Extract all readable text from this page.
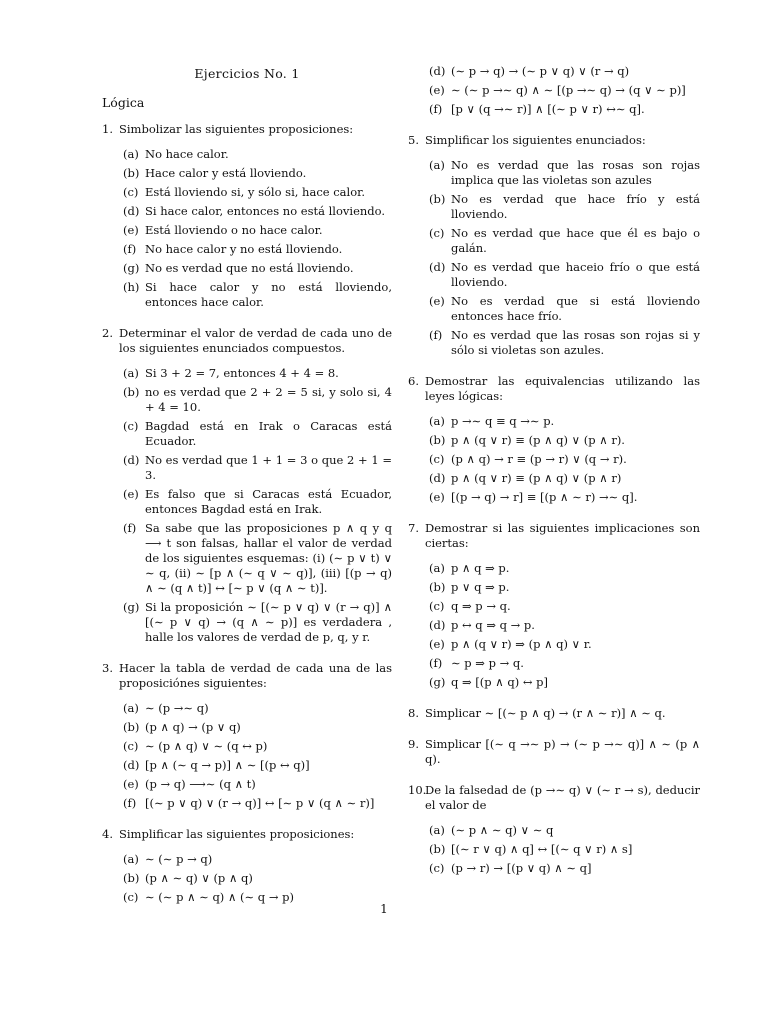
Ejercicios No. 1
Lógica
1. Simbolizar las siguientes proposiciones:
(a) No hace calor.
(b) Hace calor y está lloviendo.
(c) Está lloviendo si, y sólo si, hace calor.
(d) Si hace calor, entonces no está lloviendo.
(e) Está lloviendo o no hace calor.
(f) No hace calor y no está lloviendo.
(g) No es verdad que no está lloviendo.
(h) Si hace calor y no está lloviendo, entonces hace calor.
2. Determinar el valor de verdad de cada uno de los siguientes enunciados compuestos.
(a) Si 3 + 2 = 7, entonces 4 + 4 = 8.
(b) no es verdad que 2 + 2 = 5 si, y solo si, 4 + 4 = 10.
(c) Bagdad está en Irak o Caracas está Ecuador.
(d) No es verdad que 1 + 1 = 3 o que 2 + 1 = 3.
(e) Es falso que si Caracas está Ecuador, entonces Bagdad está en Irak.
(f) Sa sabe que las proposiciones p ∧ q y q ⟶ t son falsas, hallar el valor de verdad de los siguientes esquemas: (i) (∼ p ∨ t) ∨ ∼ q, (ii) ∼ [p ∧ (∼ q ∨ ∼ q)], (iii) [(p → q) ∧ ∼ (q ∧ t)] ↔ [∼ p ∨ (q ∧ ∼ t)].
(g) Si la proposición ∼ [(∼ p ∨ q) ∨ (r → q)] ∧ [(∼ p ∨ q) → (q ∧ ∼ p)] es verdadera , halle los valores de verdad de p, q, y r.
3. Hacer la tabla de verdad de cada una de las proposiciónes siguientes:
(a) ∼ (p →∼ q)
(b) (p ∧ q) → (p ∨ q)
(c) ∼ (p ∧ q) ∨ ∼ (q ↔ p)
(d) [p ∧ (∼ q → p)] ∧ ∼ [(p ↔ q)]
(e) (p → q) ⟶∼ (q ∧ t)
(f) [(∼ p ∨ q) ∨ (r → q)] ↔ [∼ p ∨ (q ∧ ∼ r)]
4. Simplificar las siguientes proposiciones:
(a) ∼ (∼ p → q)
(b) (p ∧ ∼ q) ∨ (p ∧ q)
(c) ∼ (∼ p ∧ ∼ q) ∧ (∼ q → p)
(d) (∼ p → q) → (∼ p ∨ q) ∨ (r → q)
(e) ∼ (∼ p →∼ q) ∧ ∼ [(p →∼ q) → (q ∨ ∼ p)]
(f) [p ∨ (q →∼ r)] ∧ [(∼ p ∨ r) ↔∼ q].
5. Simplificar los siguientes enunciados:
(a) No es verdad que las rosas son rojas implica que las violetas son azules
(b) No es verdad que hace frío y está lloviendo.
(c) No es verdad que hace que él es bajo o galán.
(d) No es verdad que haceio frío o que está lloviendo.
(e) No es verdad que si está lloviendo entonces hace frío.
(f) No es verdad que las rosas son rojas si y sólo si violetas son azules.
6. Demostrar las equivalencias utilizando las leyes lógicas:
(a) p →∼ q ≡ q →∼ p.
(b) p ∧ (q ∨ r) ≡ (p ∧ q) ∨ (p ∧ r).
(c) (p ∧ q) → r ≡ (p → r) ∨ (q → r).
(d) p ∧ (q ∨ r) ≡ (p ∧ q) ∨ (p ∧ r)
(e) [(p → q) → r] ≡ [(p ∧ ∼ r) →∼ q].
7. Demostrar si las siguientes implicaciones son ciertas:
(a) p ∧ q ⇒ p.
(b) p ∨ q ⇒ p.
(c) q ⇒ p → q.
(d) p ↔ q ⇒ q → p.
(e) p ∧ (q ∨ r) ⇒ (p ∧ q) ∨ r.
(f) ∼ p ⇒ p → q.
(g) q ⇒ [(p ∧ q) ↔ p]
8. Simplicar ∼ [(∼ p ∧ q) → (r ∧ ∼ r)] ∧ ∼ q.
9. Simplicar [(∼ q →∼ p) → (∼ p →∼ q)] ∧ ∼ (p ∧ q).
10.
De la falsedad de (p →∼ q) ∨ (∼ r → s), deducir el valor de
(a) (∼ p ∧ ∼ q) ∨ ∼ q
(b) [(∼ r ∨ q) ∧ q] ↔ [(∼ q ∨ r) ∧ s]
(c) (p → r) → [(p ∨ q) ∧ ∼ q]
1
